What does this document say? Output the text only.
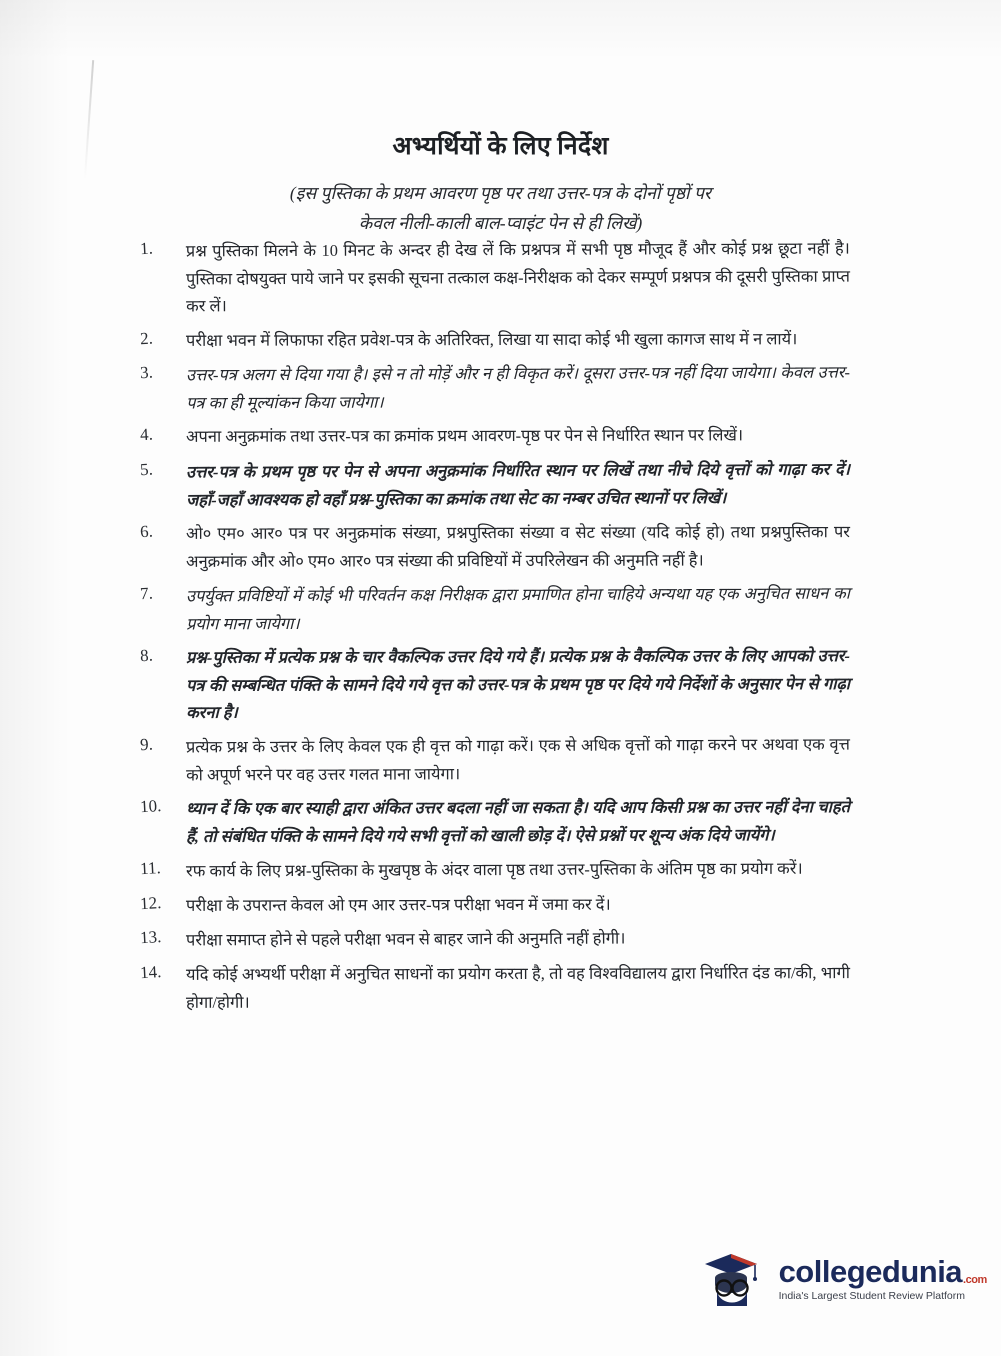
अभ्यर्थियों के लिए निर्देश
(इस पुस्तिका के प्रथम आवरण पृष्ठ पर तथा उत्तर-पत्र के दोनों पृष्ठों पर
केवल नीली-काली बाल-प्वाइंट पेन से ही लिखें)
1.	प्रश्न पुस्तिका मिलने के 10 मिनट के अन्दर ही देख लें कि प्रश्नपत्र में सभी पृष्ठ मौजूद हैं और कोई प्रश्न छूटा नहीं है। पुस्तिका दोषयुक्त पाये जाने पर इसकी सूचना तत्काल कक्ष-निरीक्षक को देकर सम्पूर्ण प्रश्नपत्र की दूसरी पुस्तिका प्राप्त कर लें।
2.	परीक्षा भवन में लिफाफा रहित प्रवेश-पत्र के अतिरिक्त, लिखा या सादा कोई भी खुला कागज साथ में न लायें।
3.	उत्तर-पत्र अलग से दिया गया है। इसे न तो मोड़ें और न ही विकृत करें। दूसरा उत्तर-पत्र नहीं दिया जायेगा। केवल उत्तर-पत्र का ही मूल्यांकन किया जायेगा।
4.	अपना अनुक्रमांक तथा उत्तर-पत्र का क्रमांक प्रथम आवरण-पृष्ठ पर पेन से निर्धारित स्थान पर लिखें।
5.	उत्तर-पत्र के प्रथम पृष्ठ पर पेन से अपना अनुक्रमांक निर्धारित स्थान पर लिखें तथा नीचे दिये वृत्तों को गाढ़ा कर दें। जहाँ-जहाँ आवश्यक हो वहाँ प्रश्न-पुस्तिका का क्रमांक तथा सेट का नम्बर उचित स्थानों पर लिखें।
6.	ओ० एम० आर० पत्र पर अनुक्रमांक संख्या, प्रश्नपुस्तिका संख्या व सेट संख्या (यदि कोई हो) तथा प्रश्नपुस्तिका पर अनुक्रमांक और ओ० एम० आर० पत्र संख्या की प्रविष्टियों में उपरिलेखन की अनुमति नहीं है।
7.	उपर्युक्त प्रविष्टियों में कोई भी परिवर्तन कक्ष निरीक्षक द्वारा प्रमाणित होना चाहिये अन्यथा यह एक अनुचित साधन का प्रयोग माना जायेगा।
8.	प्रश्न-पुस्तिका में प्रत्येक प्रश्न के चार वैकल्पिक उत्तर दिये गये हैं। प्रत्येक प्रश्न के वैकल्पिक उत्तर के लिए आपको उत्तर-पत्र की सम्बन्धित पंक्ति के सामने दिये गये वृत्त को उत्तर-पत्र के प्रथम पृष्ठ पर दिये गये निर्देशों के अनुसार पेन से गाढ़ा करना है।
9.	प्रत्येक प्रश्न के उत्तर के लिए केवल एक ही वृत्त को गाढ़ा करें। एक से अधिक वृत्तों को गाढ़ा करने पर अथवा एक वृत्त को अपूर्ण भरने पर वह उत्तर गलत माना जायेगा।
10.	ध्यान दें कि एक बार स्याही द्वारा अंकित उत्तर बदला नहीं जा सकता है। यदि आप किसी प्रश्न का उत्तर नहीं देना चाहते हैं, तो संबंधित पंक्ति के सामने दिये गये सभी वृत्तों को खाली छोड़ दें। ऐसे प्रश्नों पर शून्य अंक दिये जायेंगे।
11.	रफ कार्य के लिए प्रश्न-पुस्तिका के मुखपृष्ठ के अंदर वाला पृष्ठ तथा उत्तर-पुस्तिका के अंतिम पृष्ठ का प्रयोग करें।
12.	परीक्षा के उपरान्त केवल ओ एम आर उत्तर-पत्र परीक्षा भवन में जमा कर दें।
13.	परीक्षा समाप्त होने से पहले परीक्षा भवन से बाहर जाने की अनुमति नहीं होगी।
14.	यदि कोई अभ्यर्थी परीक्षा में अनुचित साधनों का प्रयोग करता है, तो वह विश्वविद्यालय द्वारा निर्धारित दंड का/की, भागी होगा/होगी।
collegedunia .com
India's Largest Student Review Platform
